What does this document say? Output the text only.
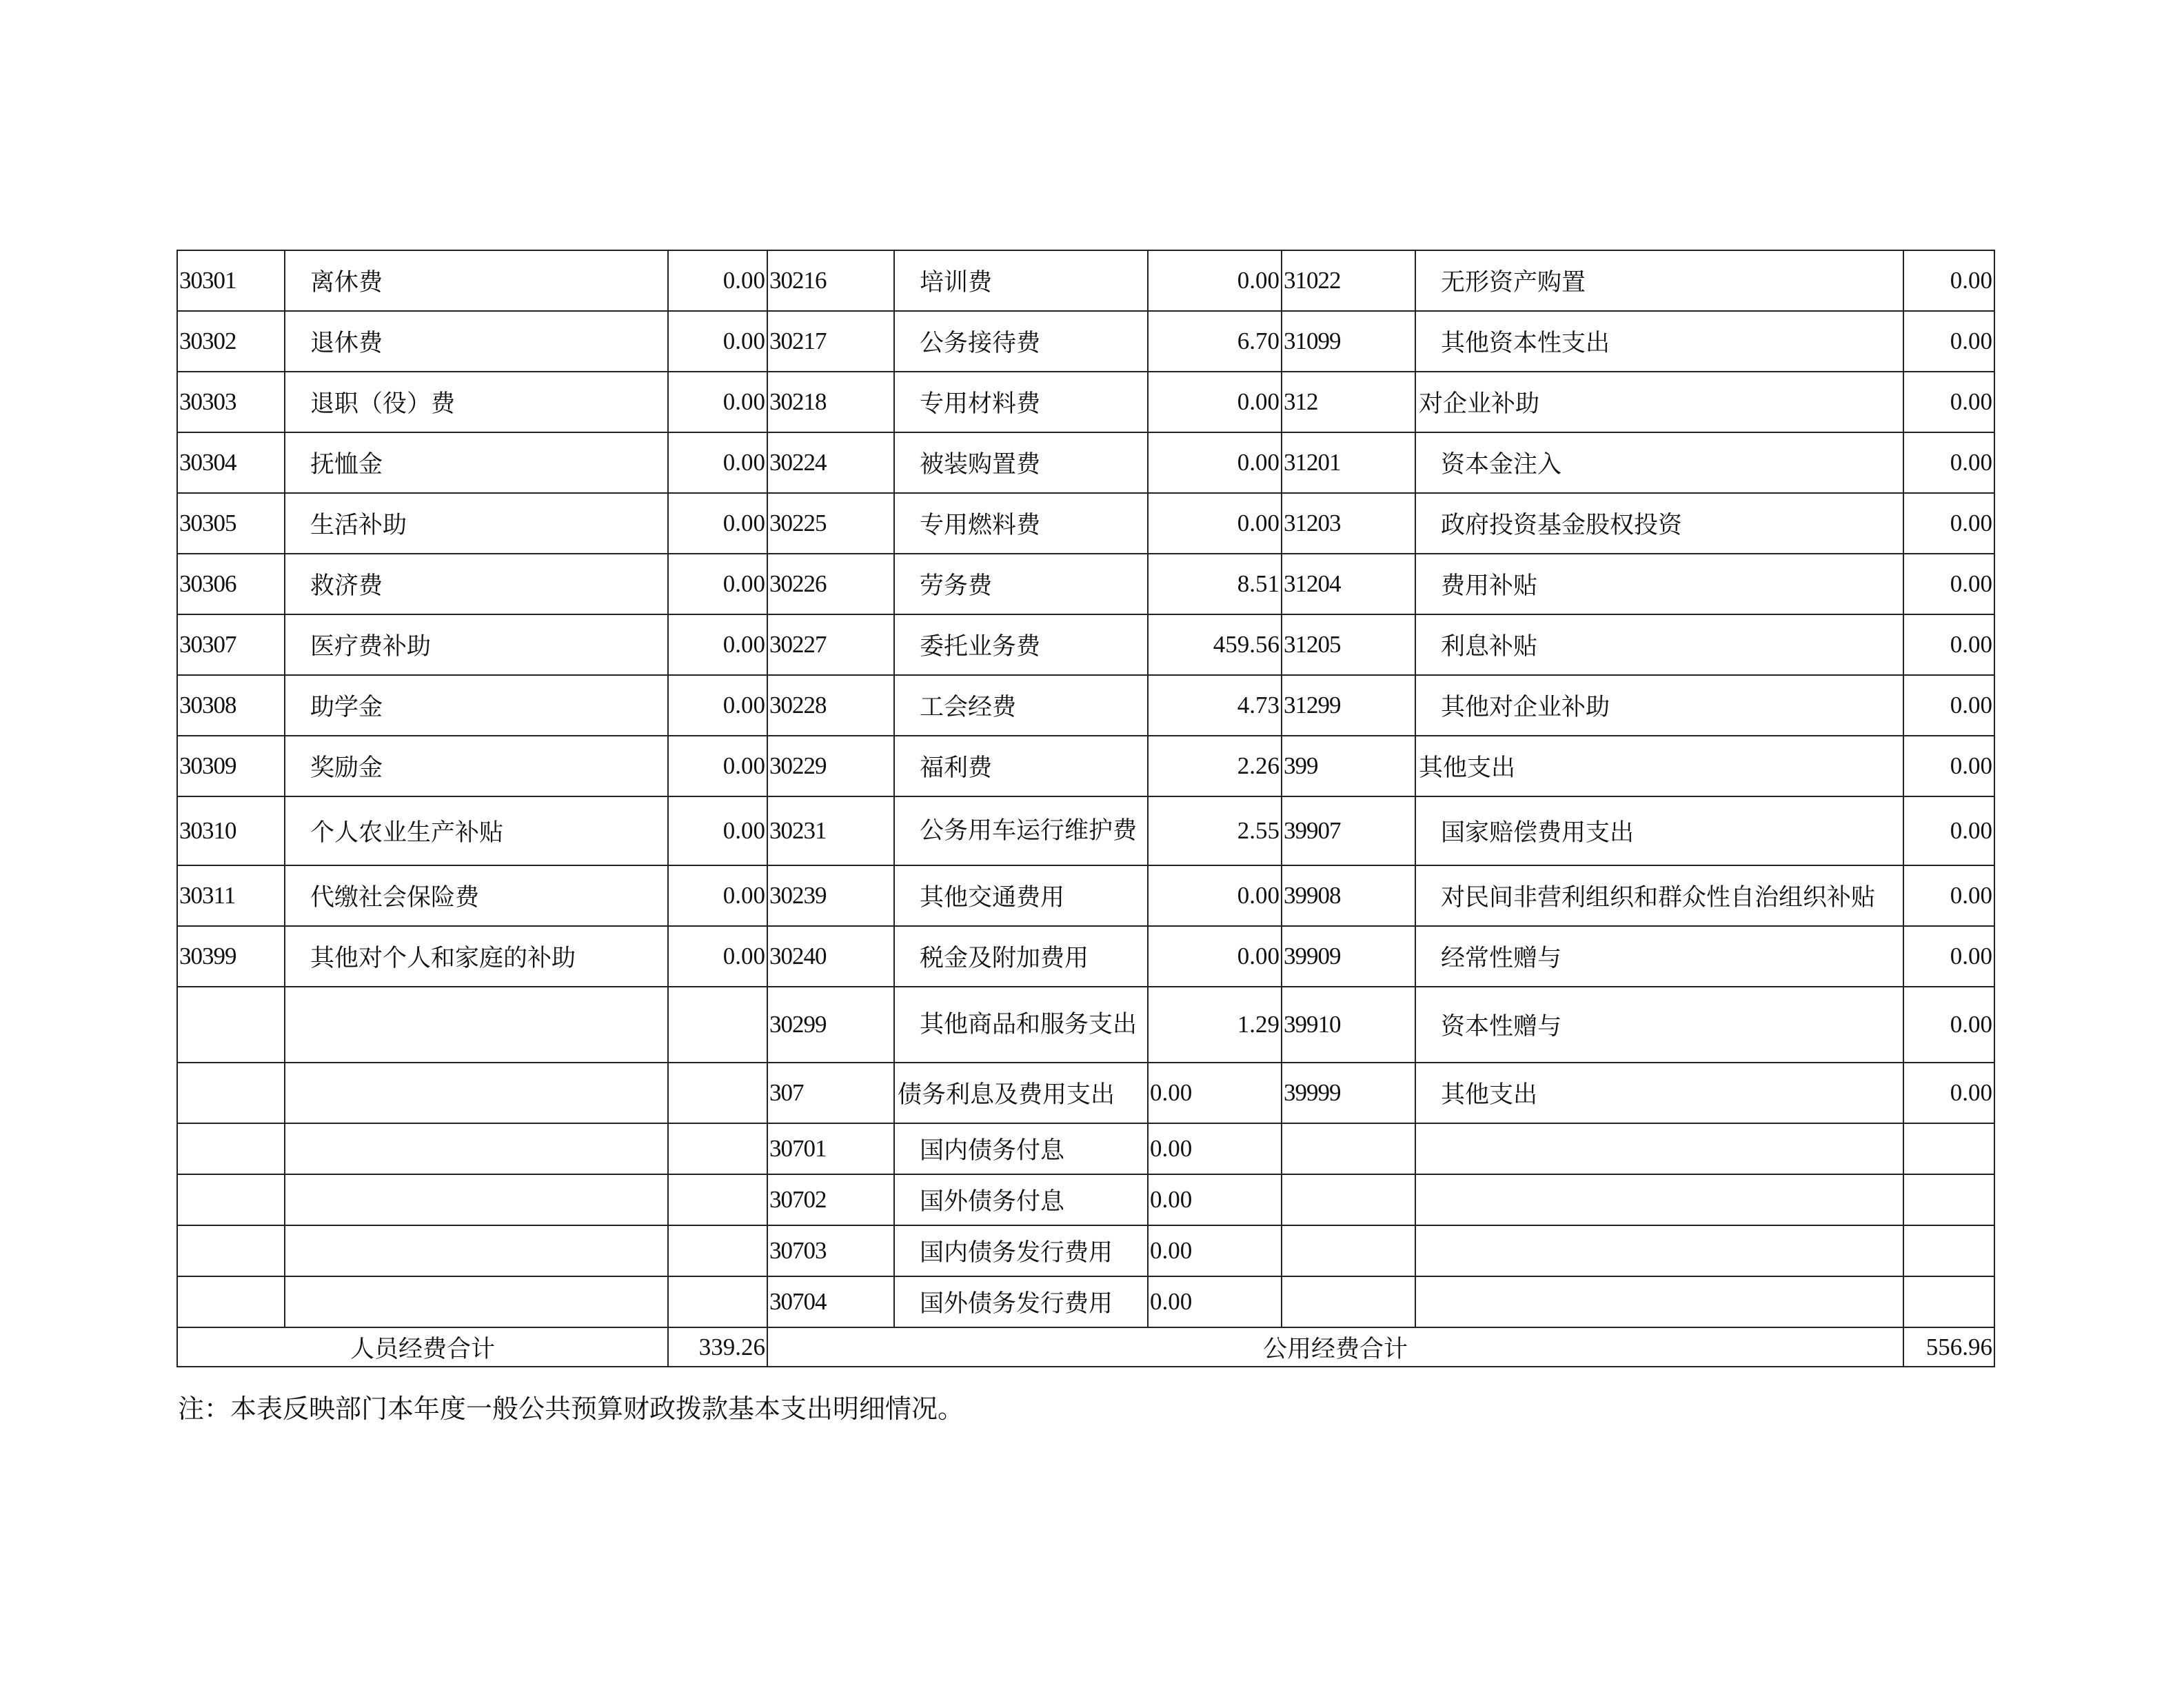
30301	离休费	0.00	30216	培训费	0.00	31022	无形资产购置	0.00
30302	退休费	0.00	30217	公务接待费	6.70	31099	其他资本性支出	0.00
30303	退职（役）费	0.00	30218	专用材料费	0.00	312	对企业补助	0.00
30304	抚恤金	0.00	30224	被装购置费	0.00	31201	资本金注入	0.00
30305	生活补助	0.00	30225	专用燃料费	0.00	31203	政府投资基金股权投资	0.00
30306	救济费	0.00	30226	劳务费	8.51	31204	费用补贴	0.00
30307	医疗费补助	0.00	30227	委托业务费	459.56	31205	利息补贴	0.00
30308	助学金	0.00	30228	工会经费	4.73	31299	其他对企业补助	0.00
30309	奖励金	0.00	30229	福利费	2.26	399	其他支出	0.00
30310	个人农业生产补贴	0.00	30231	公务用车运行维护费	2.55	39907	国家赔偿费用支出	0.00
30311	代缴社会保险费	0.00	30239	其他交通费用	0.00	39908	对民间非营利组织和群众性自治组织补贴	0.00
30399	其他对个人和家庭的补助	0.00	30240	税金及附加费用	0.00	39909	经常性赠与	0.00
			30299	其他商品和服务支出	1.29	39910	资本性赠与	0.00
			307	债务利息及费用支出	0.00	39999	其他支出	0.00
			30701	国内债务付息	0.00			
			30702	国外债务付息	0.00			
			30703	国内债务发行费用	0.00			
			30704	国外债务发行费用	0.00			
人员经费合计		339.26	公用经费合计					556.96
注：本表反映部门本年度一般公共预算财政拨款基本支出明细情况。
